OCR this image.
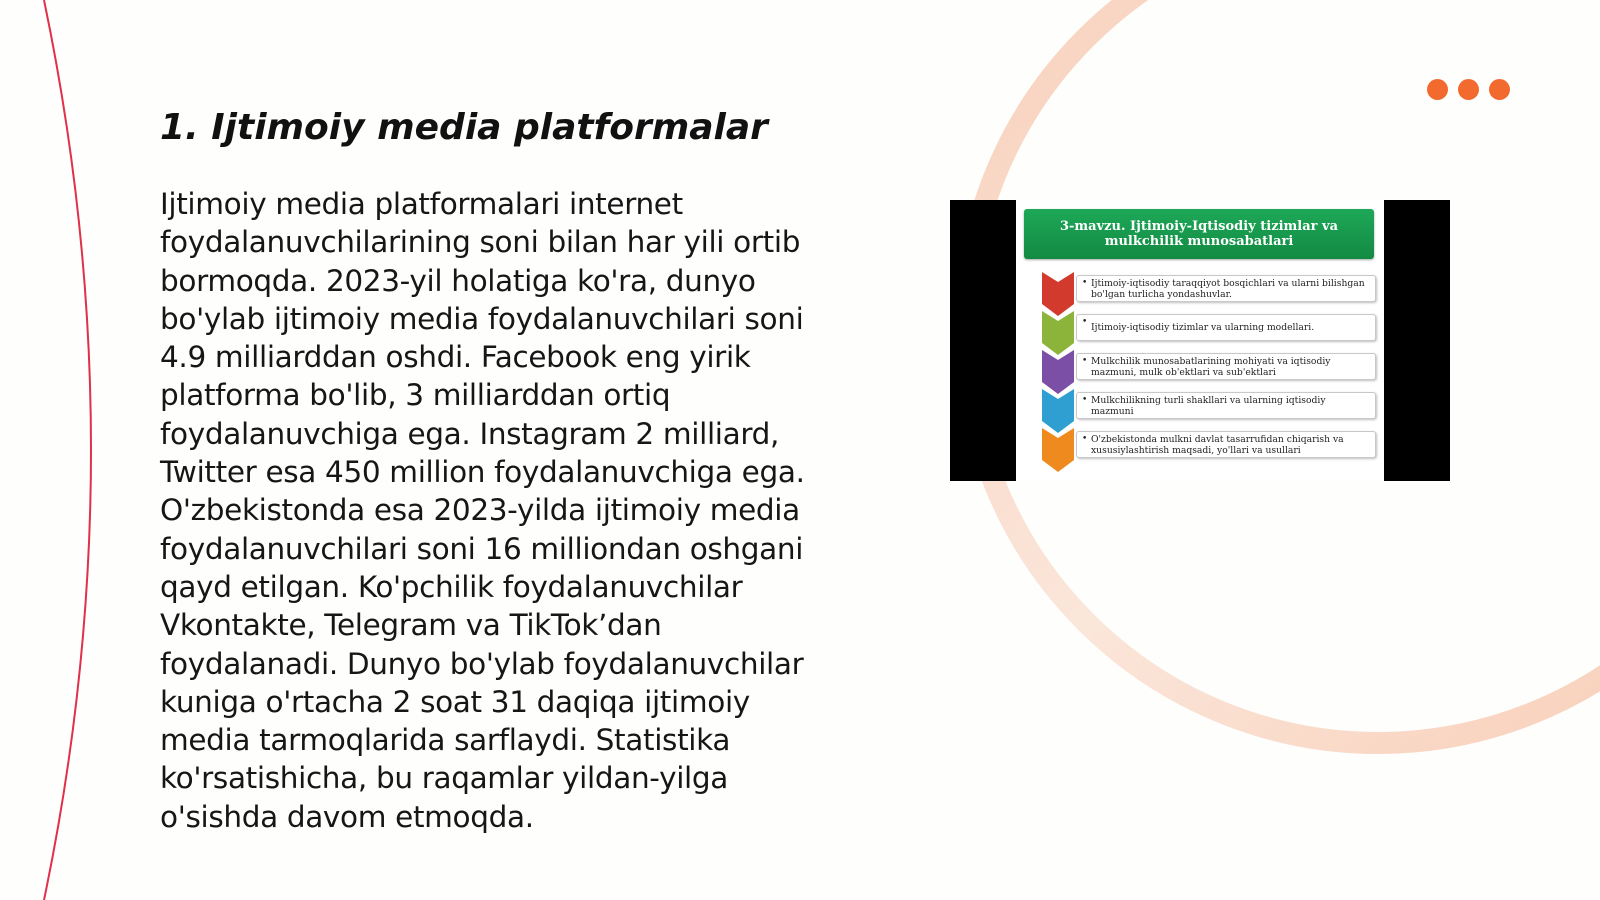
1. Ijtimoiy media platformalar
Ijtimoiy media platformalari internet
foydalanuvchilarining soni bilan har yili ortib
bormoqda. 2023-yil holatiga ko'ra, dunyo
bo'ylab ijtimoiy media foydalanuvchilari soni
4.9 milliarddan oshdi. Facebook eng yirik
platforma bo'lib, 3 milliarddan ortiq
foydalanuvchiga ega. Instagram 2 milliard,
Twitter esa 450 million foydalanuvchiga ega.
O'zbekistonda esa 2023-yilda ijtimoiy media
foydalanuvchilari soni 16 milliondan oshgani
qayd etilgan. Ko'pchilik foydalanuvchilar
Vkontakte, Telegram va TikTok’dan
foydalanadi. Dunyo bo'ylab foydalanuvchilar
kuniga o'rtacha 2 soat 31 daqiqa ijtimoiy
media tarmoqlarida sarflaydi. Statistika
ko'rsatishicha, bu raqamlar yildan-yilga
o'sishda davom etmoqda.
3-mavzu. Ijtimoiy-Iqtisodiy tizimlar va
mulkchilik munosabatlari
• Ijtimoiy-iqtisodiy taraqqiyot bosqichlari va ularni bilishgan
bo'lgan turlicha yondashuvlar.
• Ijtimoiy-iqtisodiy tizimlar va ularning modellari.
• Mulkchilik munosabatlarining mohiyati va iqtisodiy
mazmuni, mulk ob'ektlari va sub'ektlari
• Mulkchilikning turli shakllari va ularning iqtisodiy
mazmuni
• O'zbekistonda mulkni davlat tasarrufidan chiqarish va
xususiylashtirish maqsadi, yo'llari va usullari
